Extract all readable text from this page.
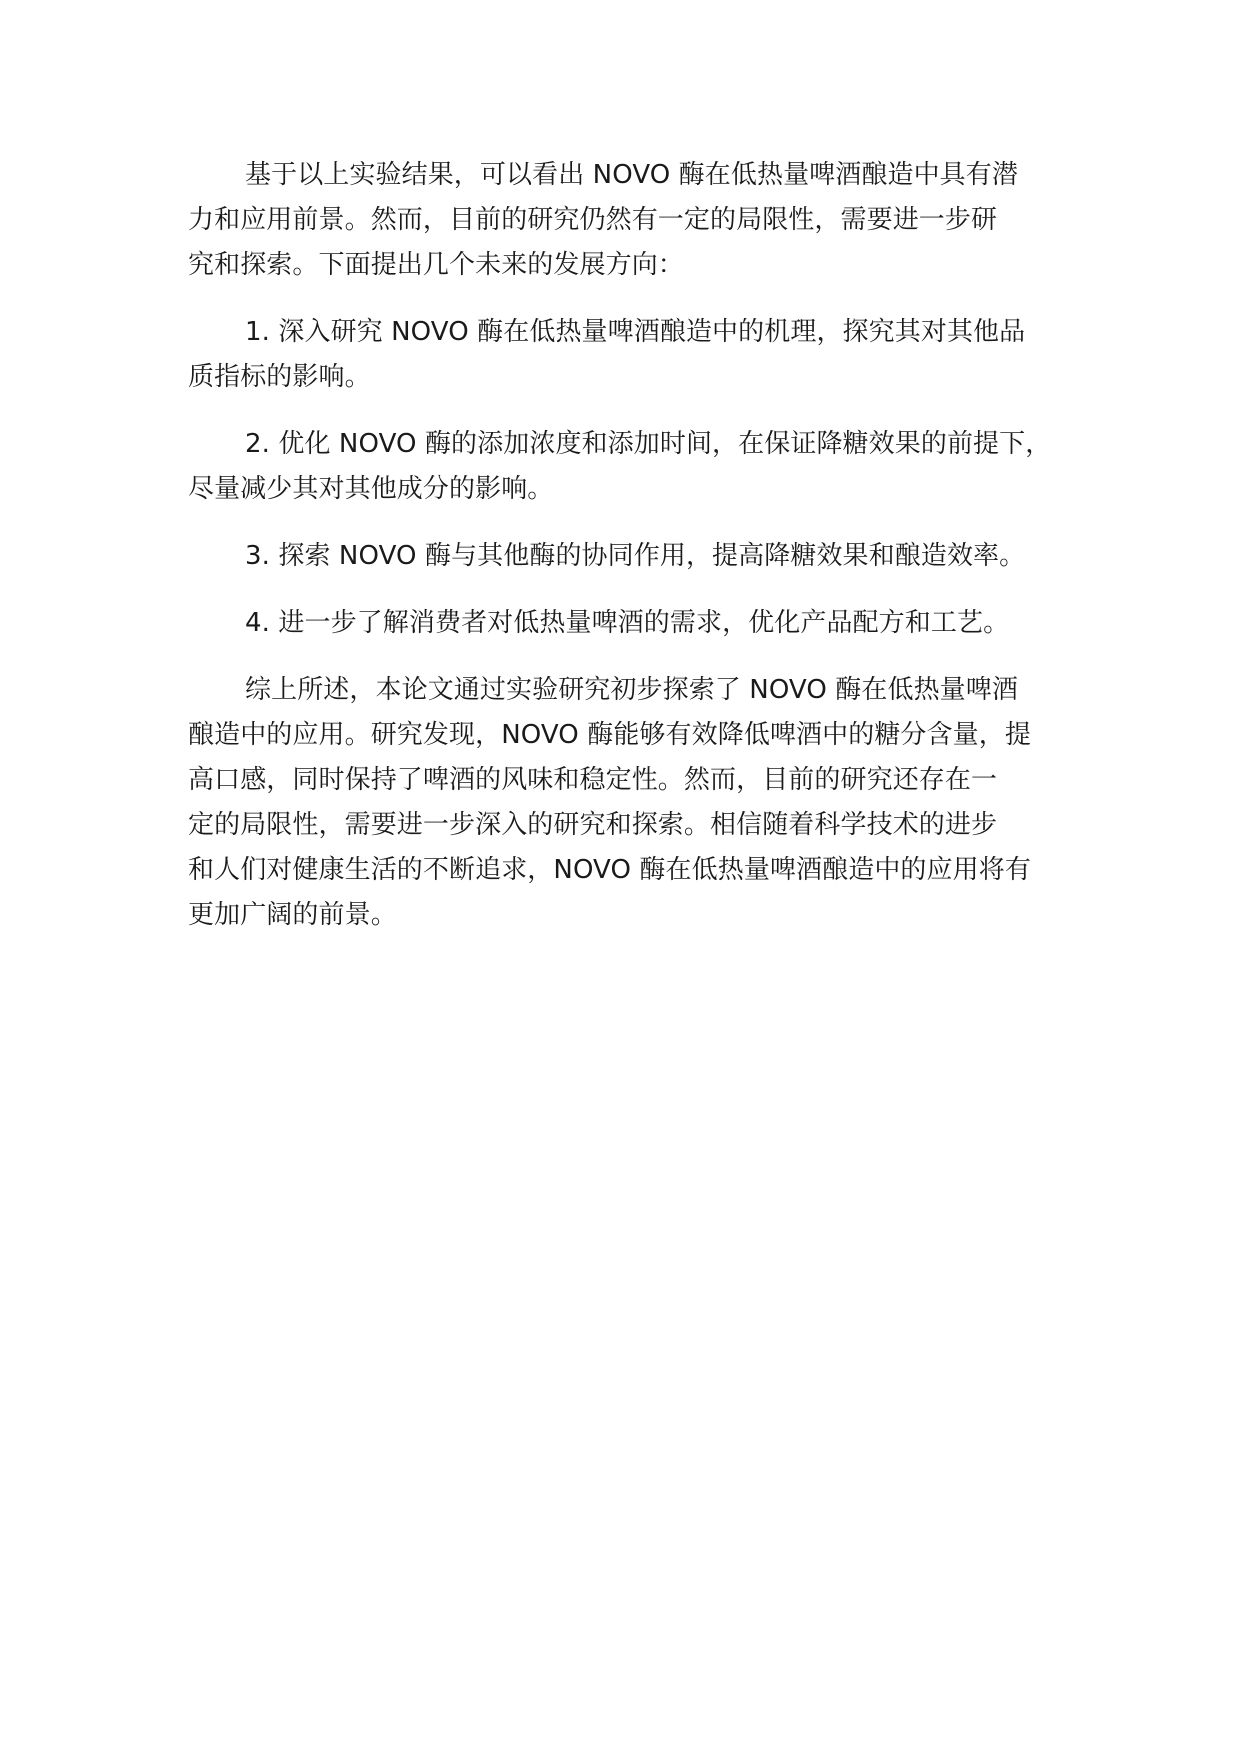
基于以上实验结果，可以看出 NOVO 酶在低热量啤酒酿造中具有潜
力和应用前景。然而，目前的研究仍然有一定的局限性，需要进一步研
究和探索。下面提出几个未来的发展方向：

1. 深入研究 NOVO 酶在低热量啤酒酿造中的机理，探究其对其他品
质指标的影响。

2. 优化 NOVO 酶的添加浓度和添加时间，在保证降糖效果的前提下，
尽量减少其对其他成分的影响。

3. 探索 NOVO 酶与其他酶的协同作用，提高降糖效果和酿造效率。

4. 进一步了解消费者对低热量啤酒的需求，优化产品配方和工艺。

综上所述，本论文通过实验研究初步探索了 NOVO 酶在低热量啤酒
酿造中的应用。研究发现，NOVO 酶能够有效降低啤酒中的糖分含量，提
高口感，同时保持了啤酒的风味和稳定性。然而，目前的研究还存在一
定的局限性，需要进一步深入的研究和探索。相信随着科学技术的进步
和人们对健康生活的不断追求，NOVO 酶在低热量啤酒酿造中的应用将有
更加广阔的前景。
